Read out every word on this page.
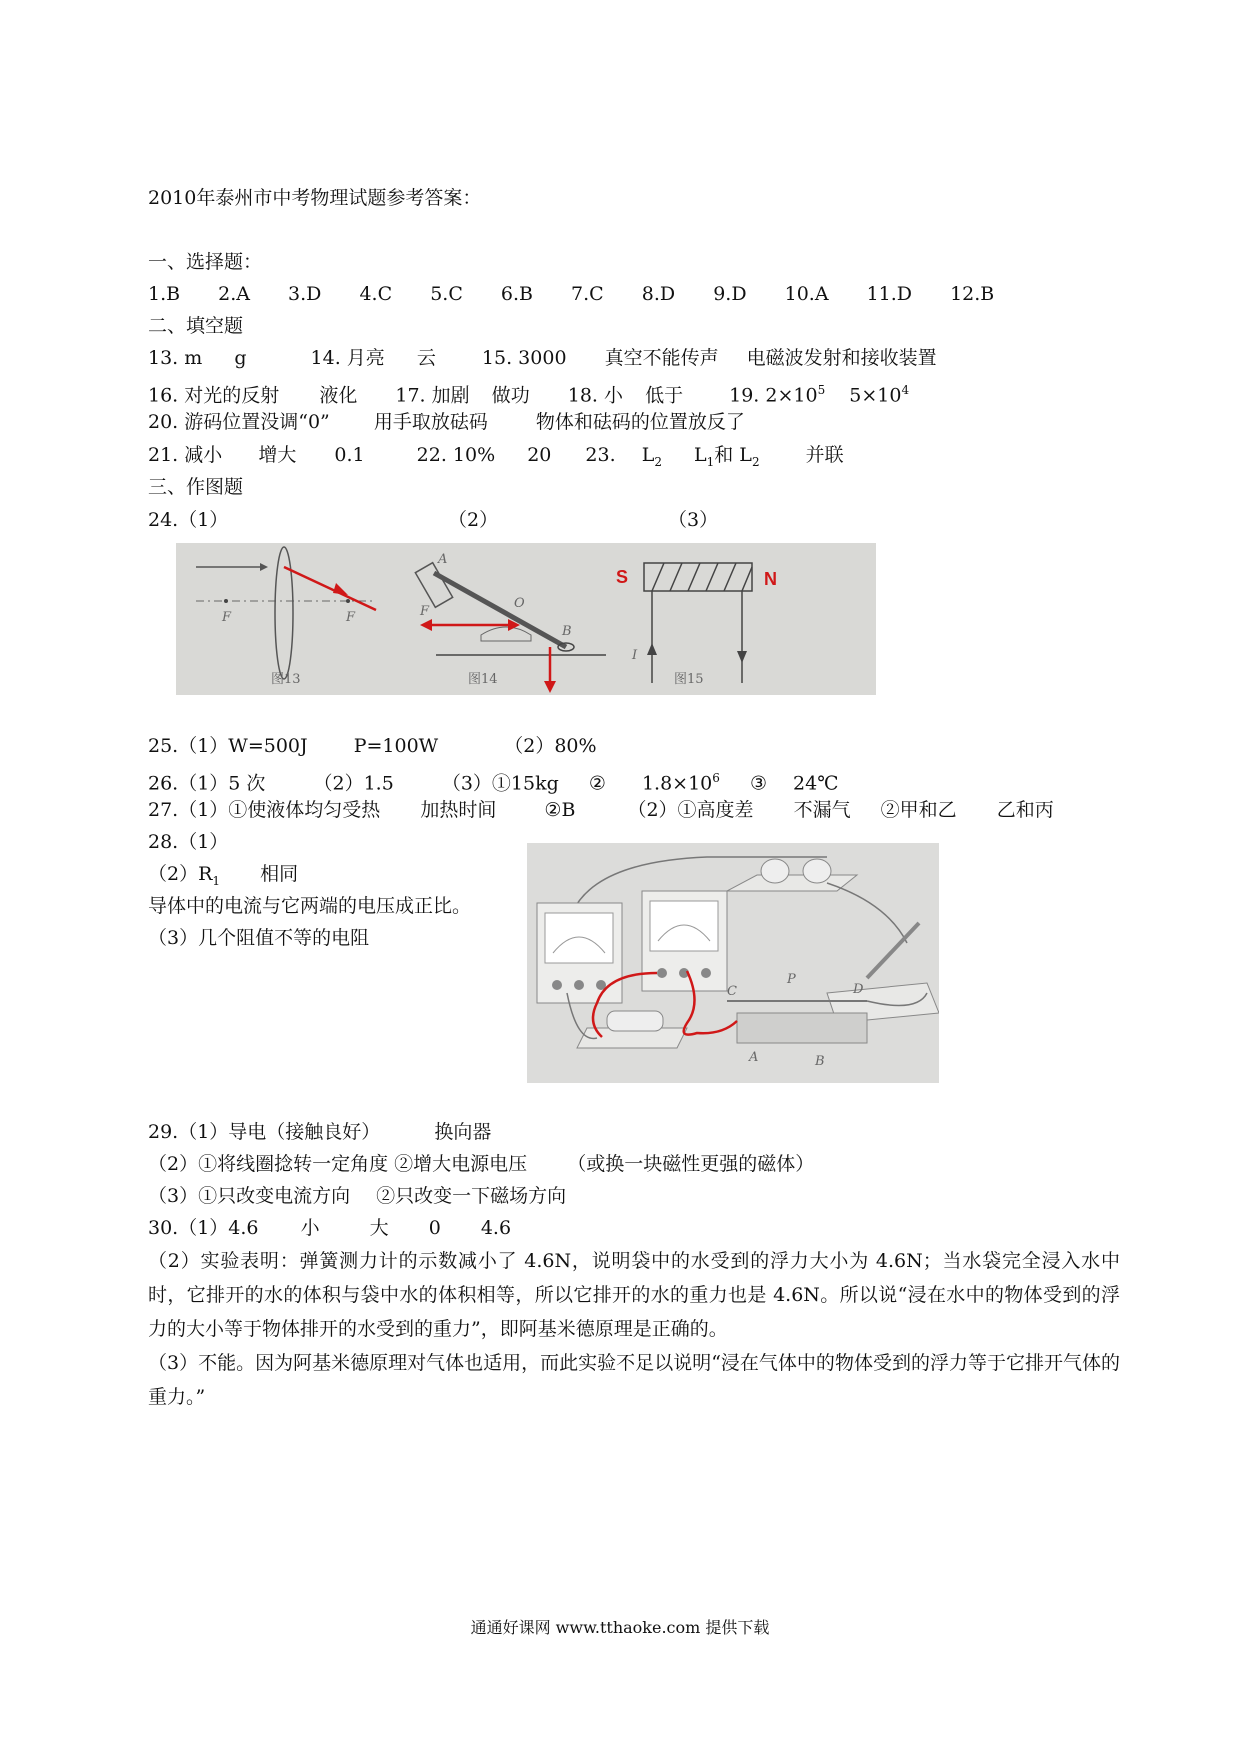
2010年泰州市中考物理试题参考答案：
一、选择题：
1.B 2.A 3.D 4.C 5.C 6.B 7.C 8.D 9.D 10.A 11.D 12.B
二、填空题
13. m g	14. 月亮 云 15. 3000 真空不能传声 电磁波发射和接收装置
16. 对光的反射 液化 17. 加剧 做功 18. 小 低于 19. $2\times 10^5$ $5\times 10^4$
20. 游码位置没调“0” 用手取放砝码	物体和砝码的位置放反了
21. 减小 增大 0.1	22. 10% 20 23. $L_2$ $L_1$和 $L_2$ 并联
三、作图题
24.（1）	（2）	（3）
F	F
图13
A
F
O
B
图14
I
S	N
图15
25.（1）W=500J P=100W	（2）80%
26.（1）5 次	（2）1.5	（3）①15kg ② $1.8\times 10^6$ ③ 24℃
27.（1）①使液体均匀受热 加热时间	②B	（2）①高度差 不漏气 ②甲和乙 乙和丙
28.（1）
$(2)R_1$ 相同
导体中的电流与它两端的电压成正比。
（3）几个阻值不等的电阻
C
P
D
A	B
29.（1）导电（接触良好）	换向器
（2）①将线圈捻转一定角度 ②增大电源电压 （或换一块磁性更强的磁体）
（3）①只改变电流方向 ②只改变一下磁场方向
30.（1）4.6 小	大 0 4.6
（2）实验表明：弹簧测力计的示数减小了 4.6N，说明袋中的水受到的浮力大小为 4.6N；当水袋完全浸入水中时，它排开的水的体积与袋中水的体积相等，所以它排开的水的重力也是 4.6N。所以说“浸在水中的物体受到的浮力的大小等于物体排开的水受到的重力”，即阿基米德原理是正确的。
（3）不能。因为阿基米德原理对气体也适用，而此实验不足以说明“浸在气体中的物体受到的浮力等于它排开气体的重力。”
通通好课网 www.tthaoke.com 提供下载
